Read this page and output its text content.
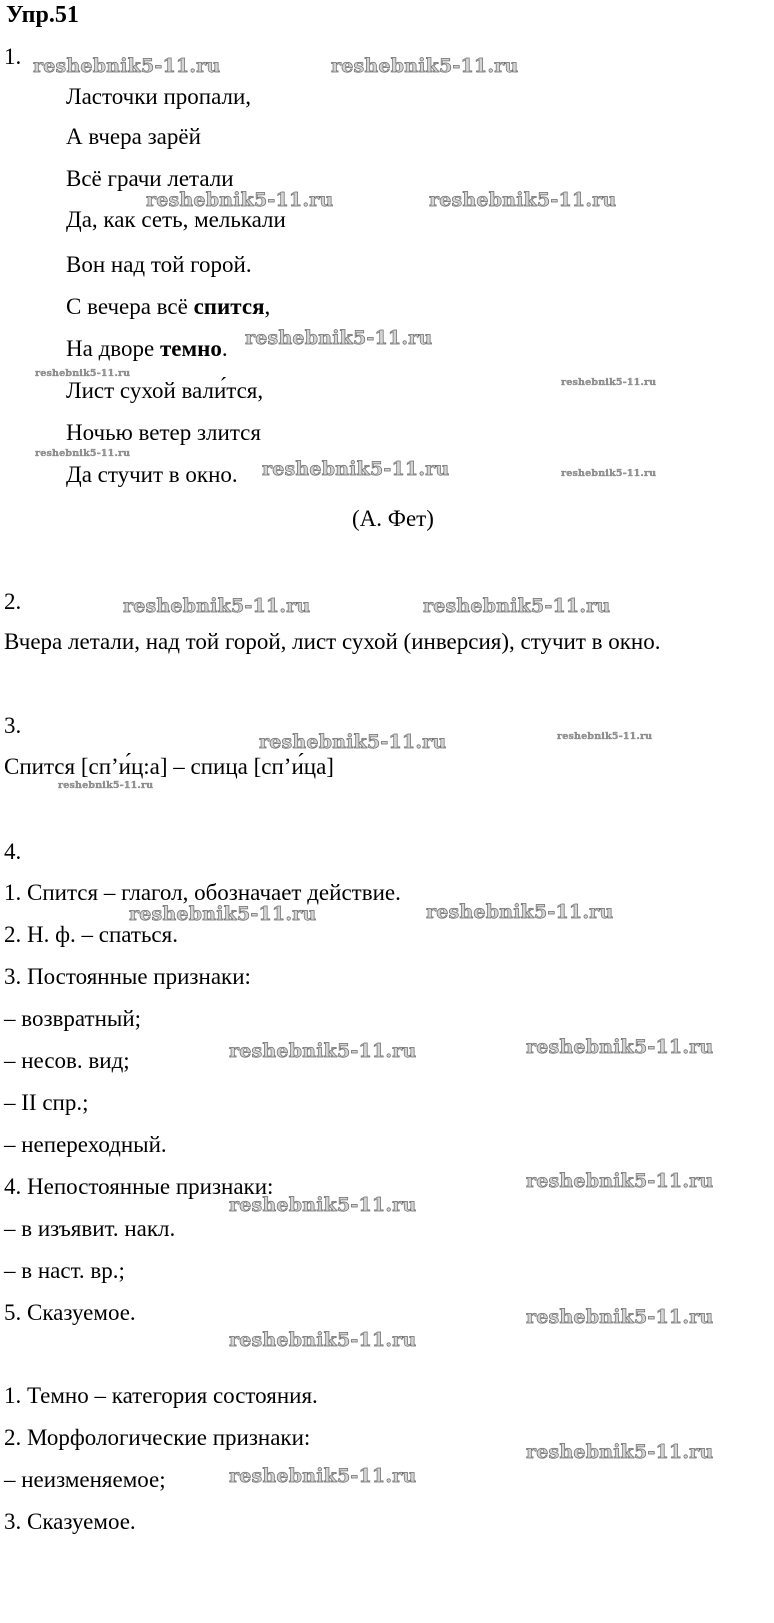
Упр.51
1.
Ласточки пропали,
А вчера зарёй
Всё грачи летали
Да, как сеть, мелькали
Вон над той горой.
С вечера всё спится,
На дворе темно.
Лист сухой вали́тся,
Ночью ветер злится
Да стучит в окно.
(А. Фет)
2.
Вчера летали, над той горой, лист сухой (инверсия), стучит в окно.
3.
Спится [сп’и́ц:а] – спица [сп’и́ца]
4.
1. Спится – глагол, обозначает действие.
2. Н. ф. – спаться.
3. Постоянные признаки:
– возвратный;
– несов. вид;
– II спр.;
– непереходный.
4. Непостоянные признаки:
– в изъявит. накл.
– в наст. вр.;
5. Сказуемое.
1. Темно – категория состояния.
2. Морфологические признаки:
– неизменяемое;
3. Сказуемое.
reshebnik5-11.ru	reshebnik5-11.ru
reshebnik5-11.ru	reshebnik5-11.ru
reshebnik5-11.ru
reshebnik5-11.ru
reshebnik5-11.ru	reshebnik5-11.ru
reshebnik5-11.ru
reshebnik5-11.ru	reshebnik5-11.ru
reshebnik5-11.ru	reshebnik5-11.ru
reshebnik5-11.ru
reshebnik5-11.ru
reshebnik5-11.ru
reshebnik5-11.ru
reshebnik5-11.ru
reshebnik5-11.ru
reshebnik5-11.ru
reshebnik5-11.ru
reshebnik5-11.ru
reshebnik5-11.ru
reshebnik5-11.ru
reshebnik5-11.ru
